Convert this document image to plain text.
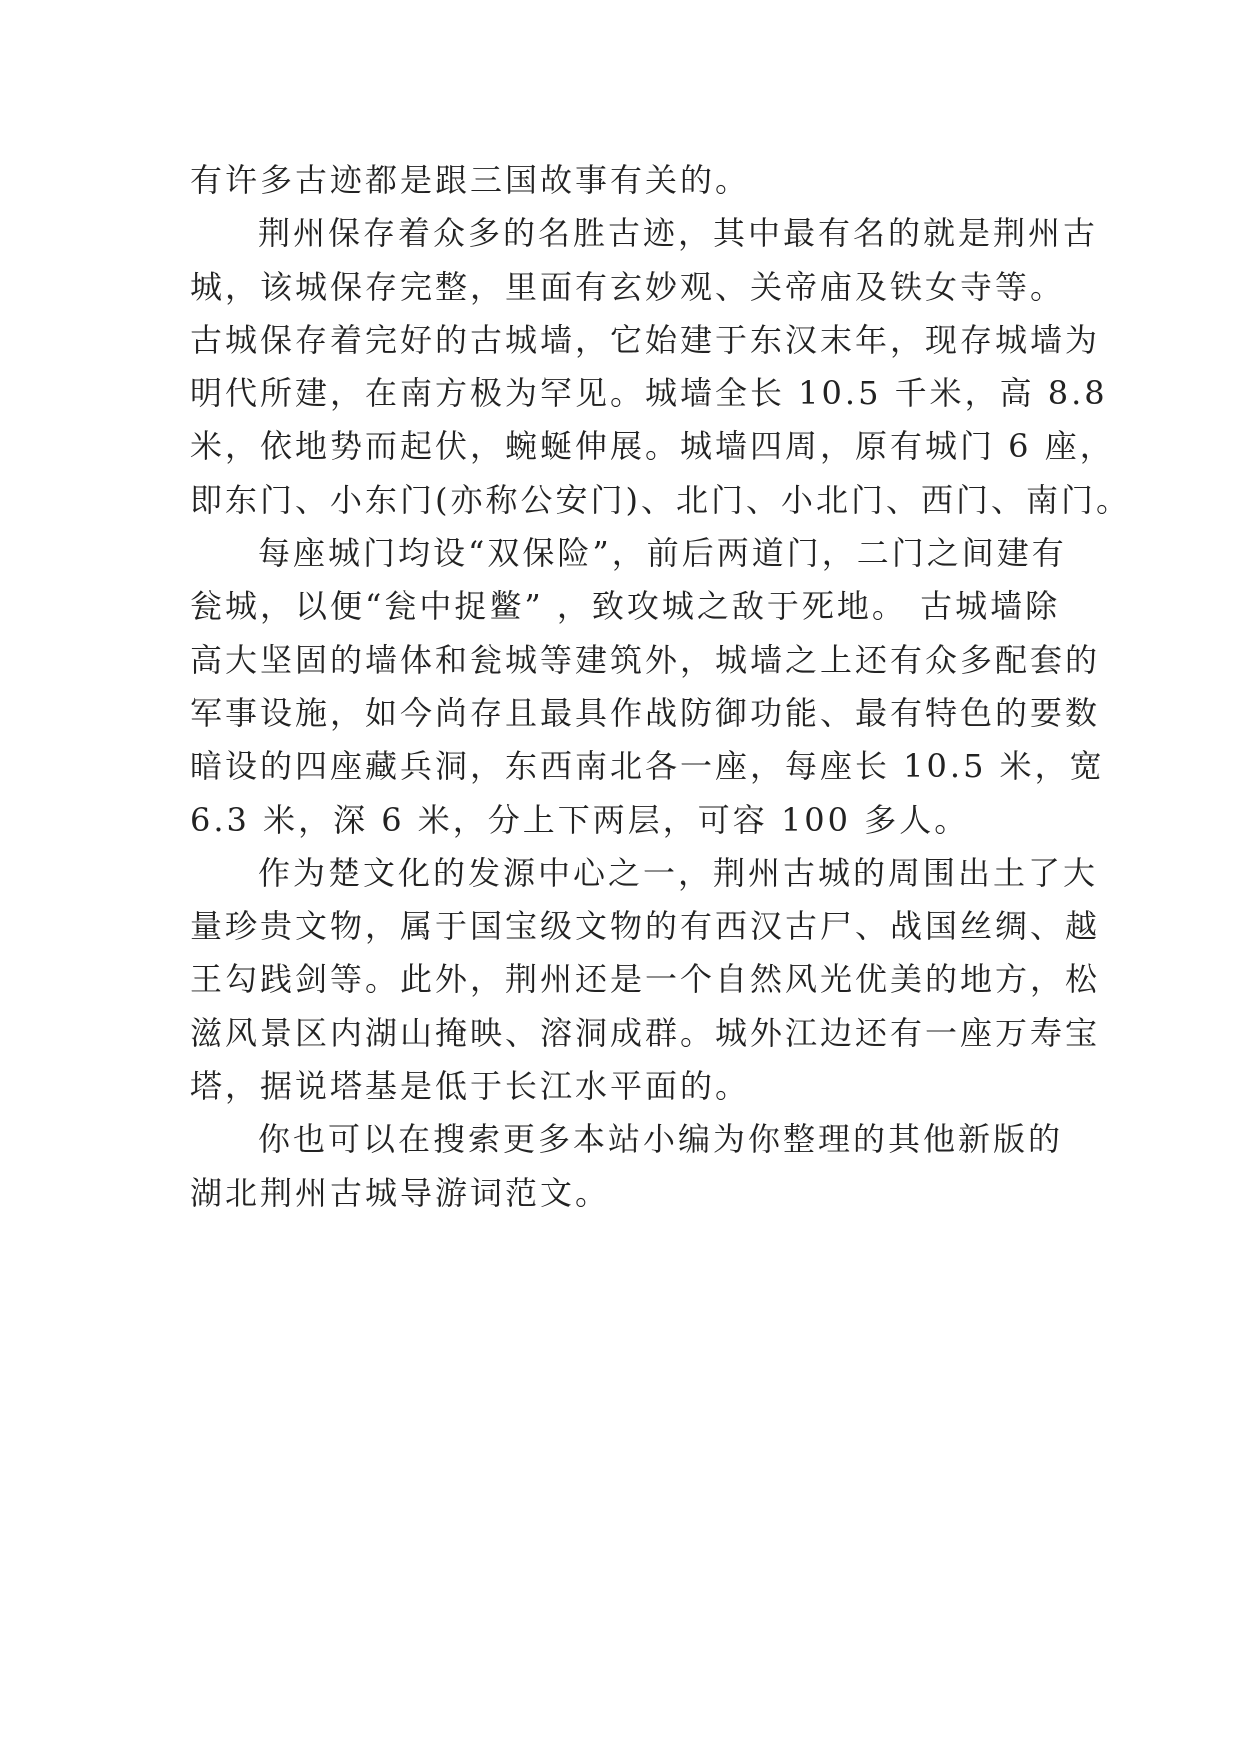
有许多古迹都是跟三国故事有关的。
荆州保存着众多的名胜古迹，其中最有名的就是荆州古
城，该城保存完整，里面有玄妙观、关帝庙及铁女寺等。
古城保存着完好的古城墙，它始建于东汉末年，现存城墙为
明代所建，在南方极为罕见。城墙全长 10.5 千米，高 8.8
米，依地势而起伏，蜿蜒伸展。城墙四周，原有城门 6 座，
即东门、小东门(亦称公安门)、北门、小北门、西门、南门。
每座城门均设“双保险”，前后两道门，二门之间建有
瓮城，以便“瓮中捉鳖” ，致攻城之敌于死地。 古城墙除
高大坚固的墙体和瓮城等建筑外，城墙之上还有众多配套的
军事设施，如今尚存且最具作战防御功能、最有特色的要数
暗设的四座藏兵洞，东西南北各一座，每座长 10.5 米，宽
6.3 米，深 6 米，分上下两层，可容 100 多人。
作为楚文化的发源中心之一，荆州古城的周围出土了大
量珍贵文物，属于国宝级文物的有西汉古尸、战国丝绸、越
王勾践剑等。此外，荆州还是一个自然风光优美的地方，松
滋风景区内湖山掩映、溶洞成群。城外江边还有一座万寿宝
塔，据说塔基是低于长江水平面的。
你也可以在搜索更多本站小编为你整理的其他新版的
湖北荆州古城导游词范文。
